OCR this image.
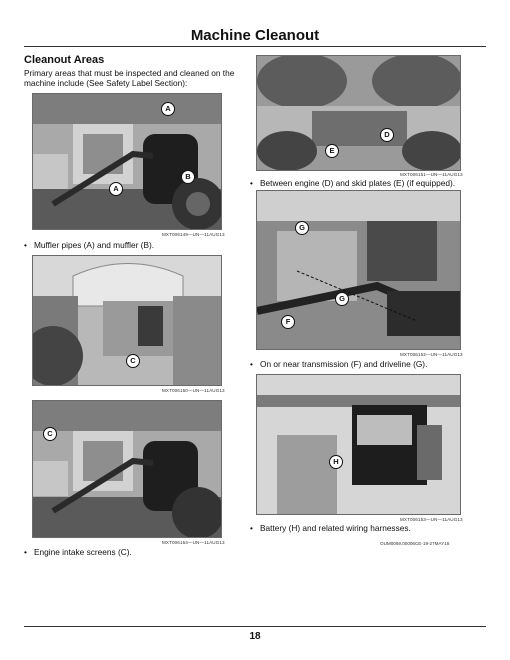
Machine Cleanout
Cleanout Areas
Primary areas that must be inspected and cleaned on the machine include (See Safety Label Section):
A
B
A
MXT006149—UN—11AUG13
• Muffler pipes (A) and muffler (B).
C
MXT006150—UN—11AUG13
C
MXT006154—UN—11AUG13
• Engine intake screens (C).
D
E
MXT006151—UN—11AUG13
• Between engine (D) and skid plates (E) (if equipped).
G
G
F
MXT006152—UN—11AUG13
• On or near transmission (F) and driveline (G).
H
MXT006153—UN—11AUG13
• Battery (H) and related wiring harnesses.
OUM0069,00006CE-19-27MAY15
18
